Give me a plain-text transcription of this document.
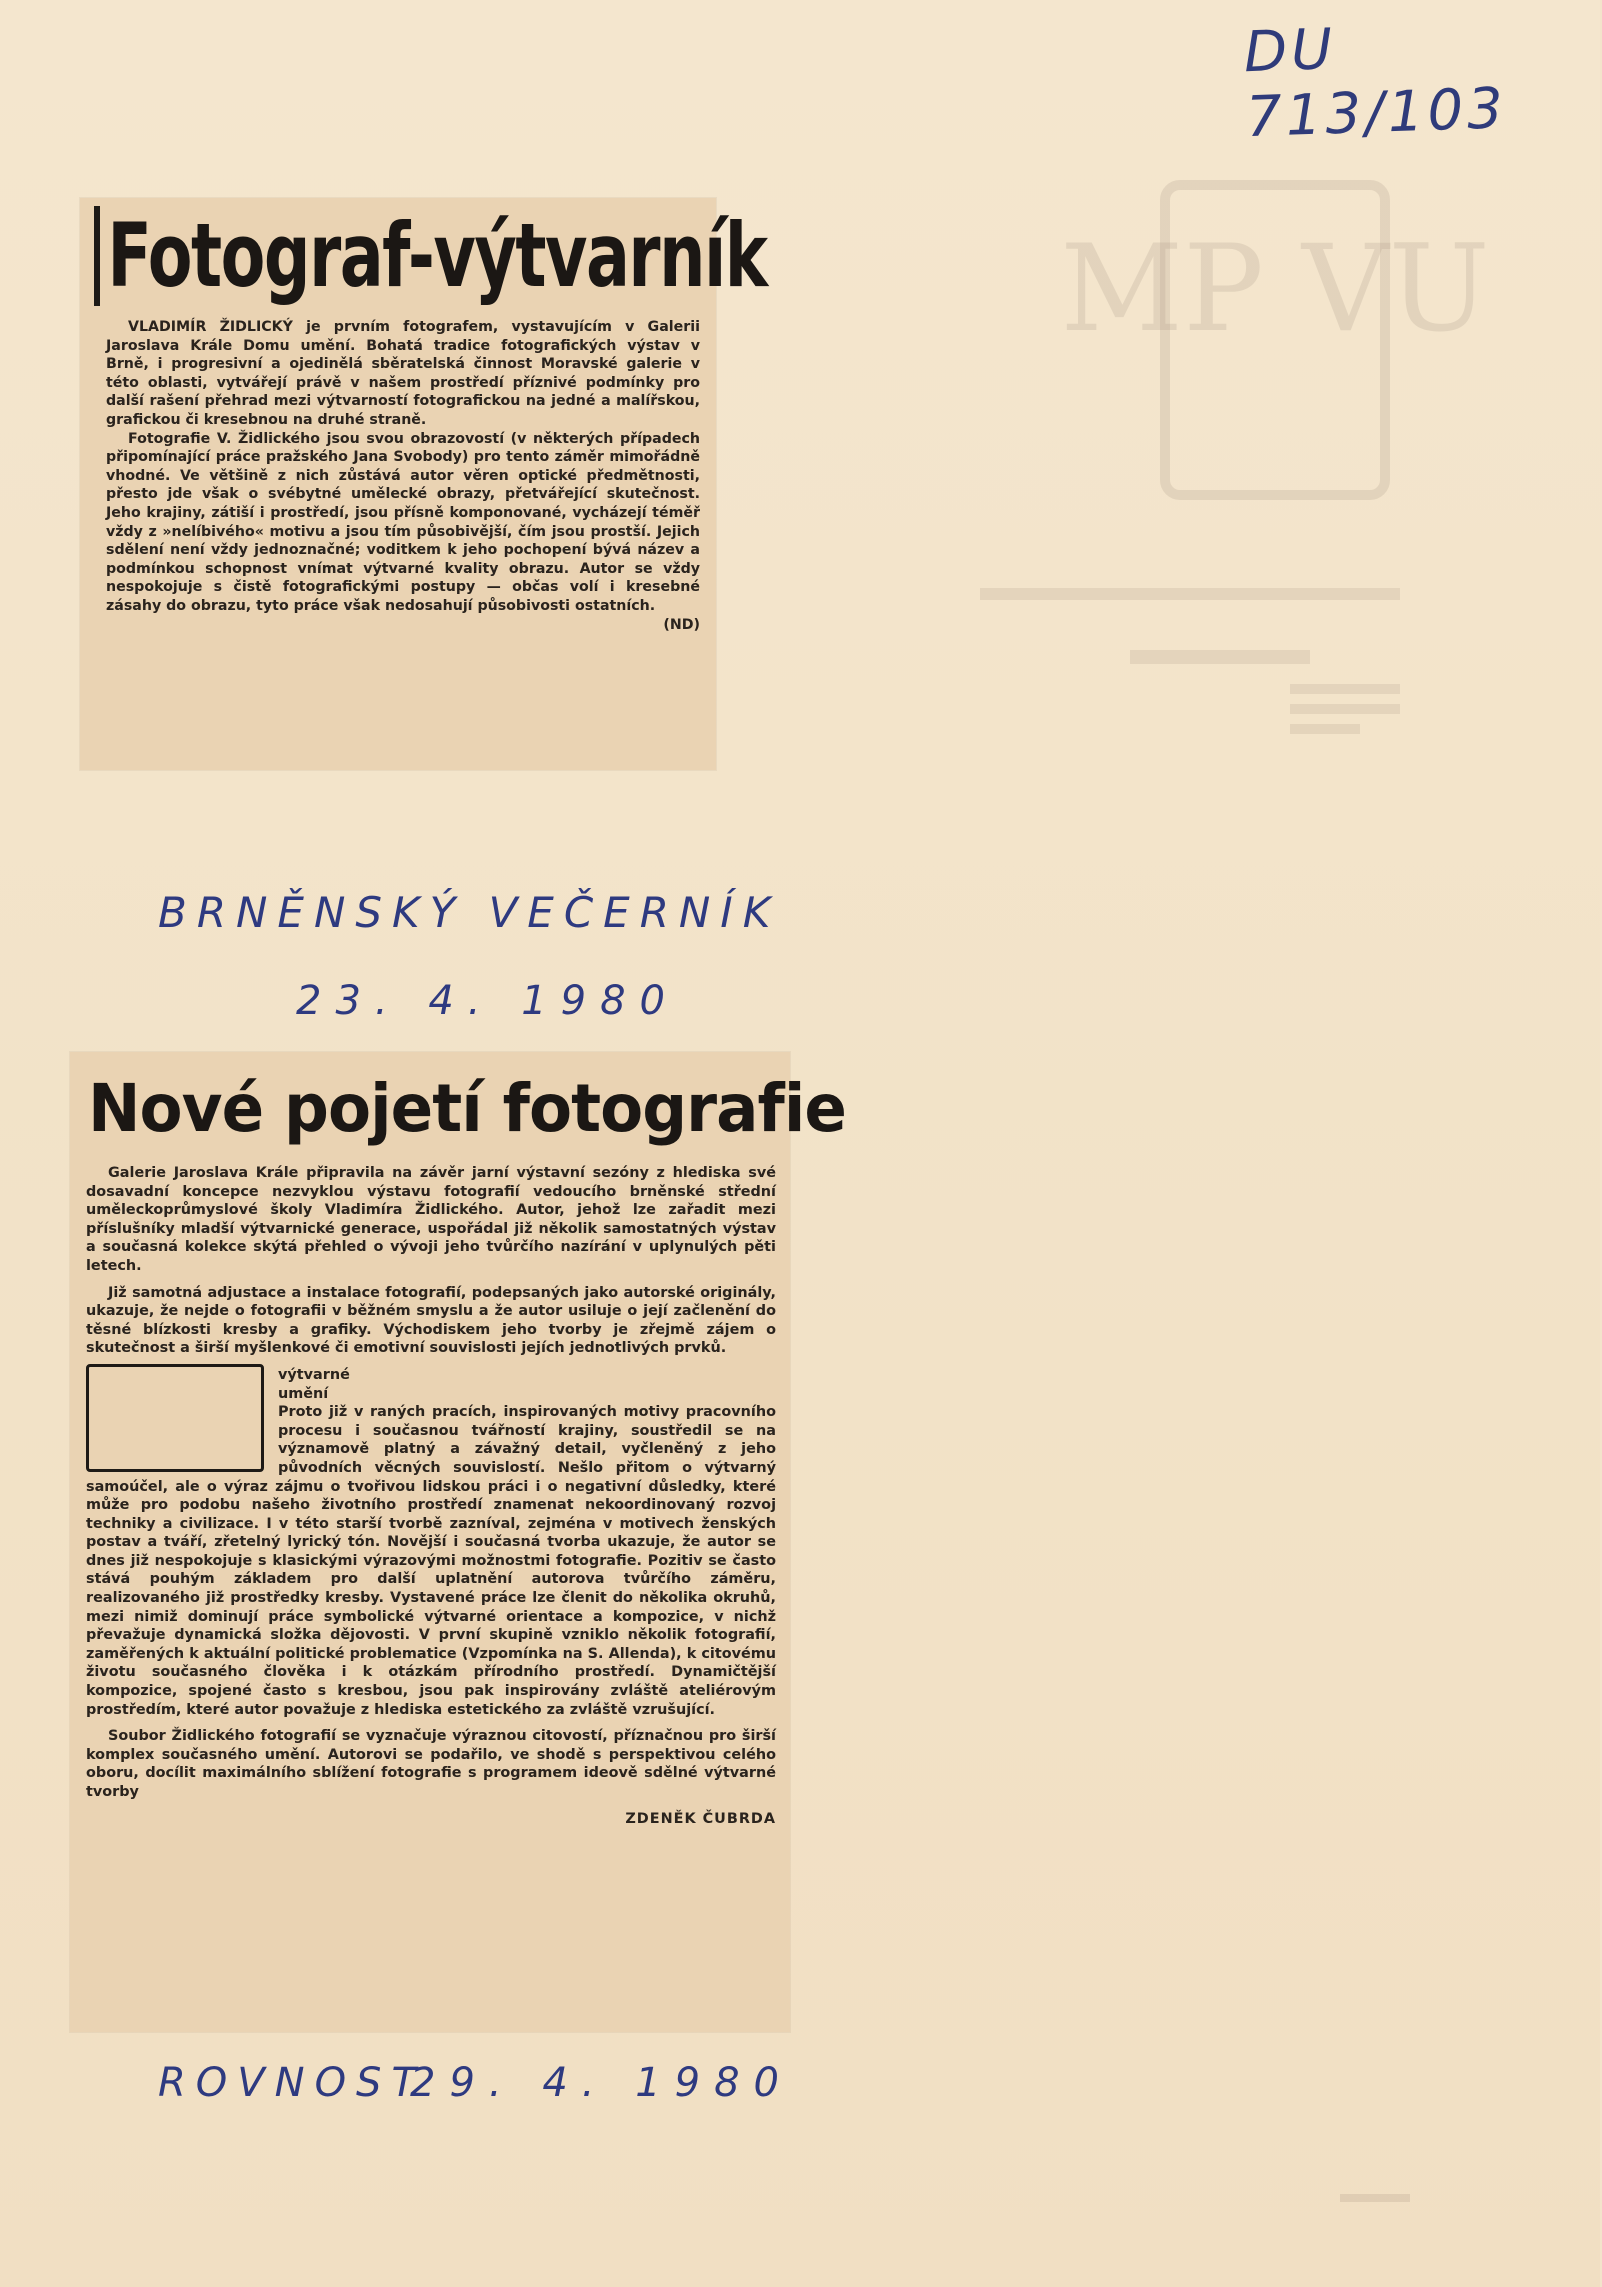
DU 713/103
MP VU

Fotograf-výtvarník

VLADIMÍR ŽIDLICKÝ je prvním fotografem, vystavujícím v Galerii Jaroslava Krále Domu umění. Bohatá tradice fotografických výstav v Brně, i progresivní a ojedinělá sběratelská činnost Moravské galerie v této oblasti, vytvářejí právě v našem prostředí příznivé podmínky pro další rašení přehrad mezi výtvarností fotografickou na jedné a malířskou, grafickou či kresebnou na druhé straně.

Fotografie V. Židlického jsou svou obrazovostí (v některých případech připomínající práce pražského Jana Svobody) pro tento záměr mimořádně vhodné. Ve většině z nich zůstává autor věren optické předmětnosti, přesto jde však o svébytné umělecké obrazy, přetvářející skutečnost. Jeho krajiny, zátiší i prostředí, jsou přísně komponované, vycházejí téměř vždy z »nelíbivého« motivu a jsou tím působivější, čím jsou prostší. Jejich sdělení není vždy jednoznačné; voditkem k jeho pochopení bývá název a podmínkou schopnost vnímat výtvarné kvality obrazu. Autor se vždy nespokojuje s čistě fotografickými postupy — občas volí i kresebné zásahy do obrazu, tyto práce však nedosahují působivosti ostatních.
(ND)

BRNĚNSKÝ VEČERNÍK
23. 4. 1980
Nové pojetí fotografie

Galerie Jaroslava Krále připravila na závěr jarní výstavní sezóny z hlediska své dosavadní koncepce nezvyklou výstavu fotografií vedoucího brněnské střední uměleckoprůmyslové školy Vladimíra Židlického. Autor, jehož lze zařadit mezi příslušníky mladší výtvarnické generace, uspořádal již několik samostatných výstav a současná kolekce skýtá přehled o vývoji jeho tvůrčího nazírání v uplynulých pěti letech.

Již samotná adjustace a instalace fotografií, podepsaných jako autorské originály, ukazuje, že nejde o fotografii v běžném smyslu a že autor usiluje o její začlenění do těsné blízkosti kresby a grafiky. Východiskem jeho tvorby je zřejmě zájem o skutečnost a širší myšlenkové či emotivní souvislosti jejích jednotlivých prvků.

výtvarné
umění
Proto již v raných pracích, inspirovaných motivy pracovního procesu i současnou tvářností krajiny, soustředil se na významově platný a závažný detail, vyčleněný z jeho původních věcných souvislostí. Nešlo přitom o výtvarný samoúčel, ale o výraz zájmu o tvořivou lidskou práci i o negativní důsledky, které může pro podobu našeho životního prostředí znamenat nekoordinovaný rozvoj techniky a civilizace. I v této starší tvorbě zazníval, zejména v motivech ženských postav a tváří, zřetelný lyrický tón. Novější i současná tvorba ukazuje, že autor se dnes již nespokojuje s klasickými výrazovými možnostmi fotografie. Pozitiv se často stává pouhým základem pro další uplatnění autorova tvůrčího záměru, realizovaného již prostředky kresby. Vystavené práce lze členit do několika okruhů, mezi nimiž dominují práce symbolické výtvarné orientace a kompozice, v nichž převažuje dynamická složka dějovosti. V první skupině vzniklo několik fotografií, zaměřených k aktuální politické problematice (Vzpomínka na S. Allenda), k citovému životu současného člověka i k otázkám přírodního prostředí. Dynamičtější kompozice, spojené často s kresbou, jsou pak inspirovány zvláště ateliérovým prostředím, které autor považuje z hlediska estetického za zvláště vzrušující.

Soubor Židlického fotografií se vyznačuje výraznou citovostí, příznačnou pro širší komplex současného umění. Autorovi se podařilo, ve shodě s perspektivou celého oboru, docílit maximálního sblížení fotografie s programem ideově sdělné výtvarné tvorby

ZDENĚK ČUBRDA
ROVNOST
29. 4. 1980
